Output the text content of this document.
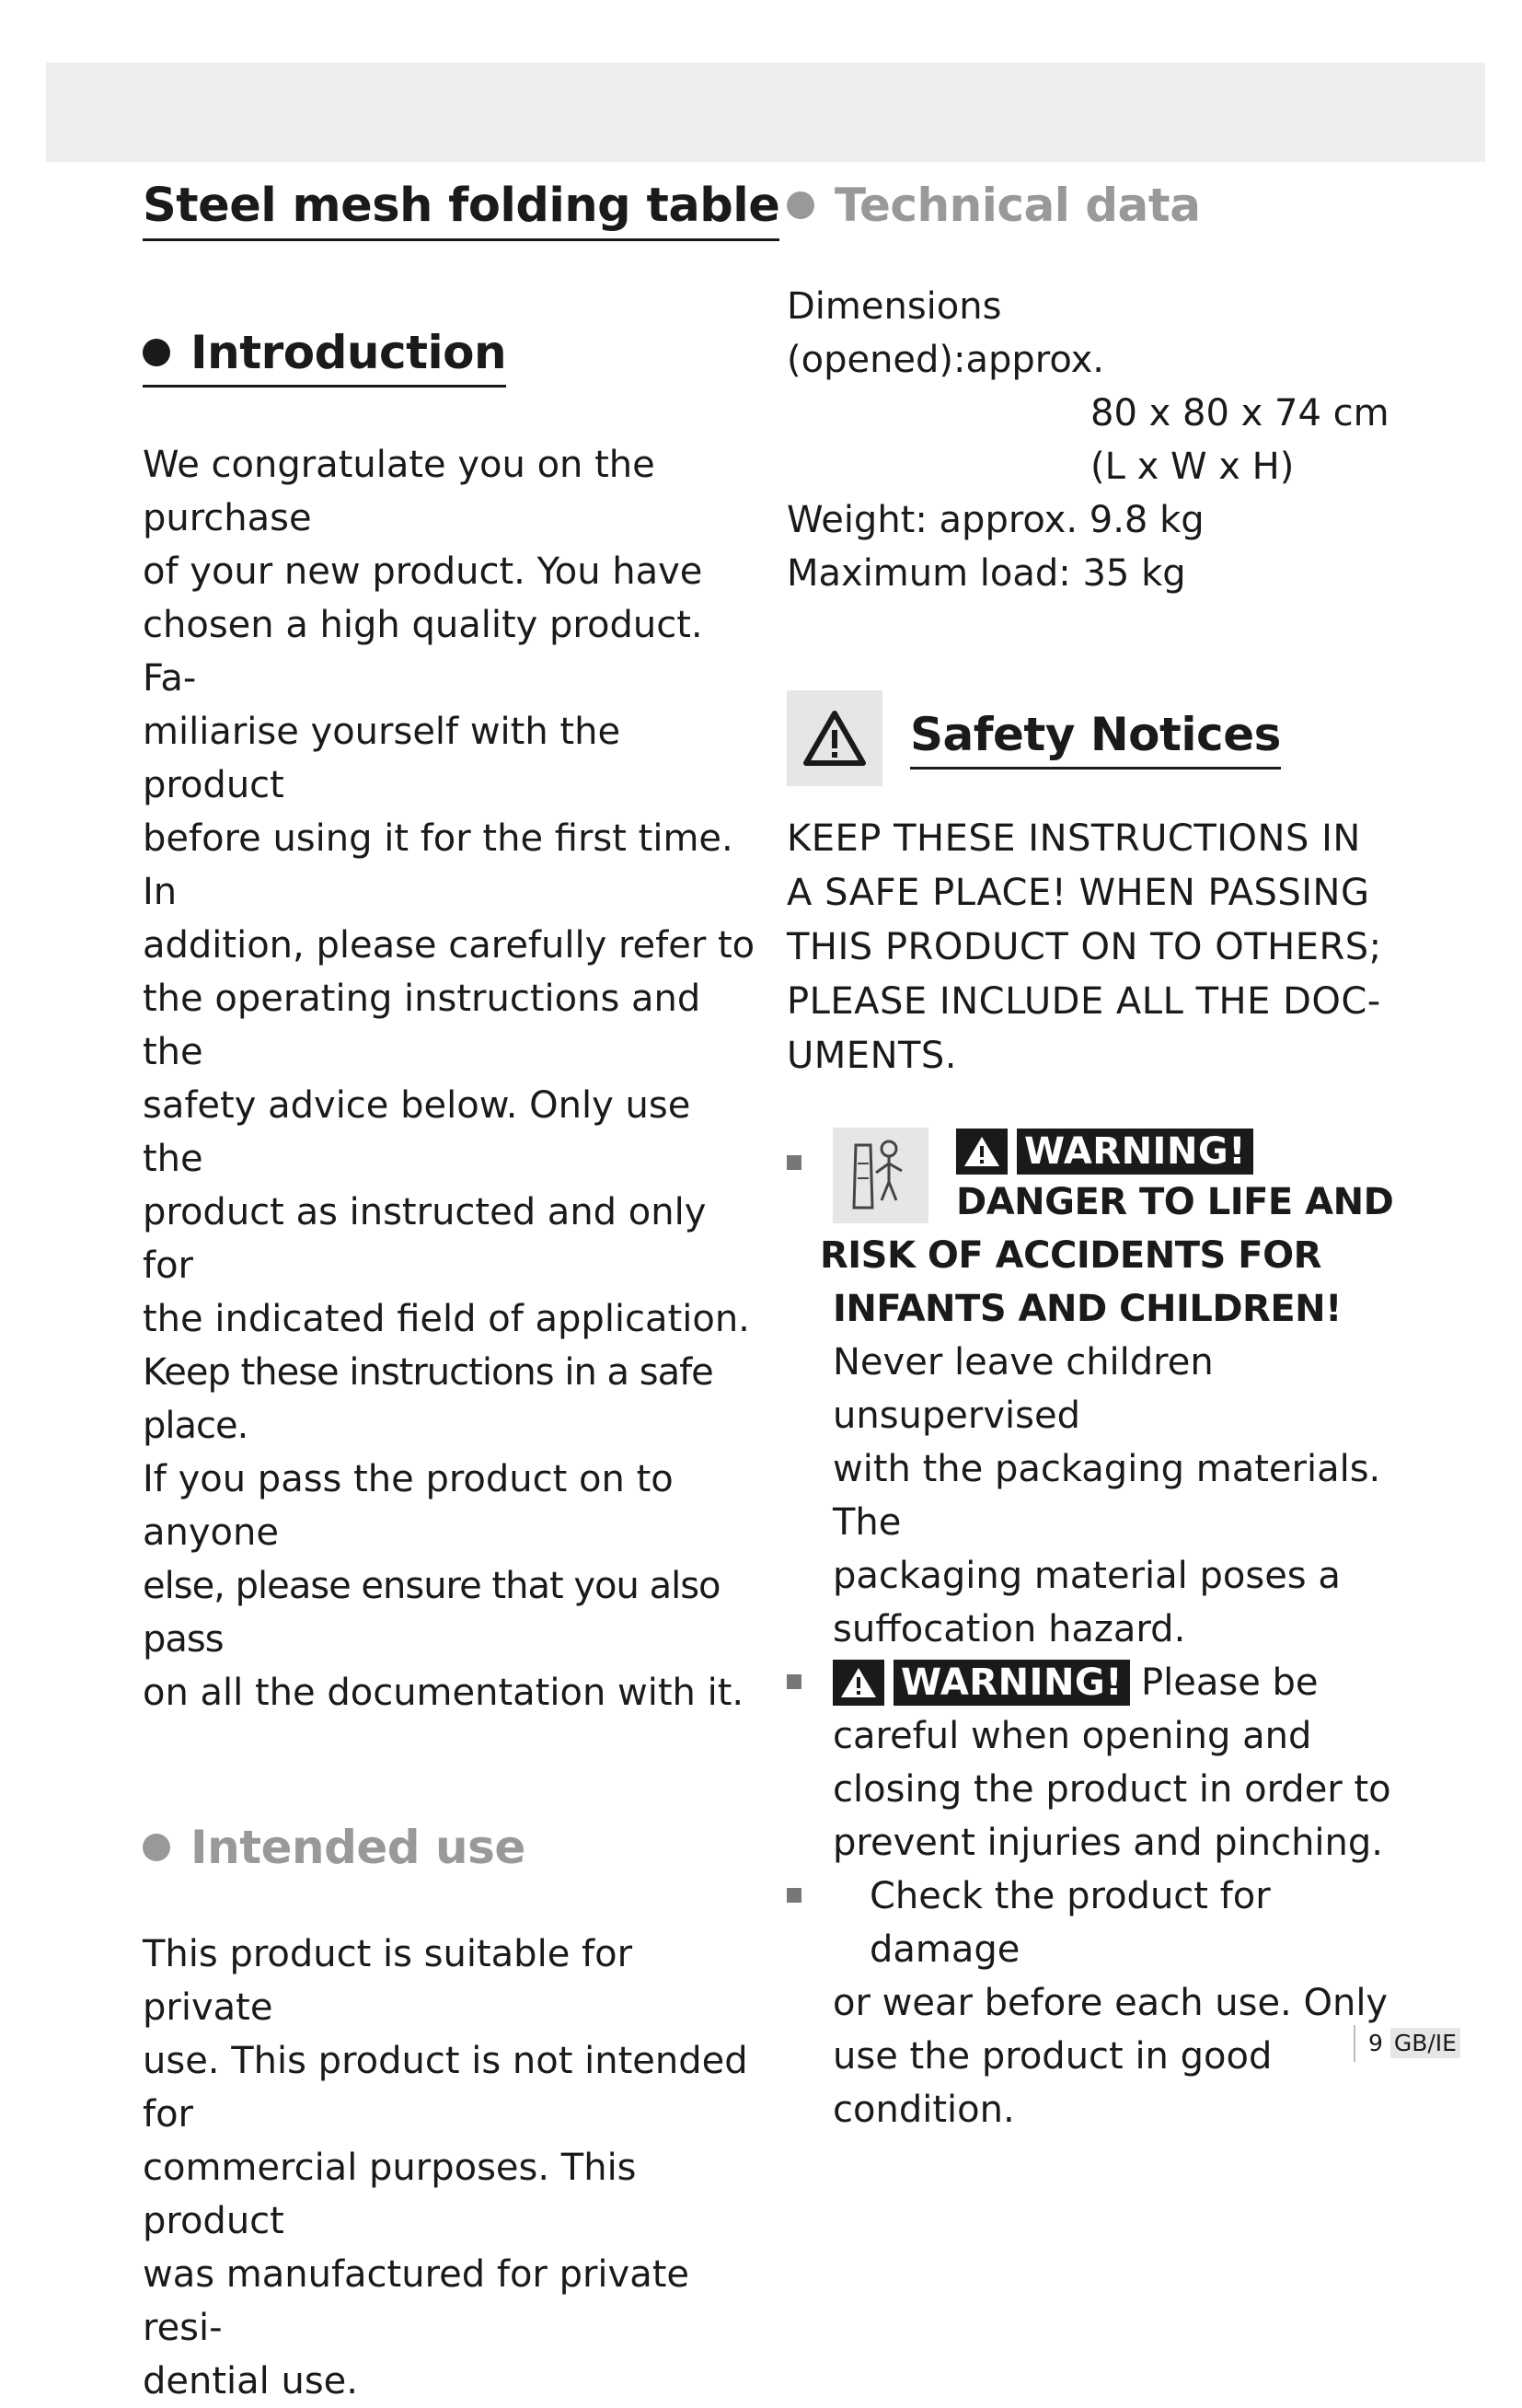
Steel mesh folding table
Introduction

We congratulate you on the purchase

of your new product. You have

chosen a high quality product. Fa-

miliarise yourself with the product

before using it for the first time. In

addition, please carefully refer to

the operating instructions and the

safety advice below. Only use the

product as instructed and only for

the indicated field of application.

Keep these instructions in a safe place.

If you pass the product on to anyone

else, please ensure that you also pass

on all the documentation with it.

Intended use

This product is suitable for private

use. This product is not intended for

commercial purposes. This product

was manufactured for private resi-

dential use.

Technical data
Dimensions
(opened):approx.
80 x 80 x 74 cm
(L x W x H)
Weight: approx. 9.8 kg
Maximum load: 35 kg
Safety Notices
KEEP THESE INSTRUCTIONS IN
A SAFE PLACE! WHEN PASSING
THIS PRODUCT ON TO OTHERS;
PLEASE INCLUDE ALL THE DOC-
UMENTS.
WARNING!
DANGER TO LIFE AND
RISK OF ACCIDENTS FOR
INFANTS AND CHILDREN!

Never leave children unsupervised

with the packaging materials. The

packaging material poses a

suffocation hazard.

WARNING! Please be

careful when opening and

closing the product in order to

prevent injuries and pinching.

Check the product for damage

or wear before each use. Only

use the product in good condition.

9 GB/IE
